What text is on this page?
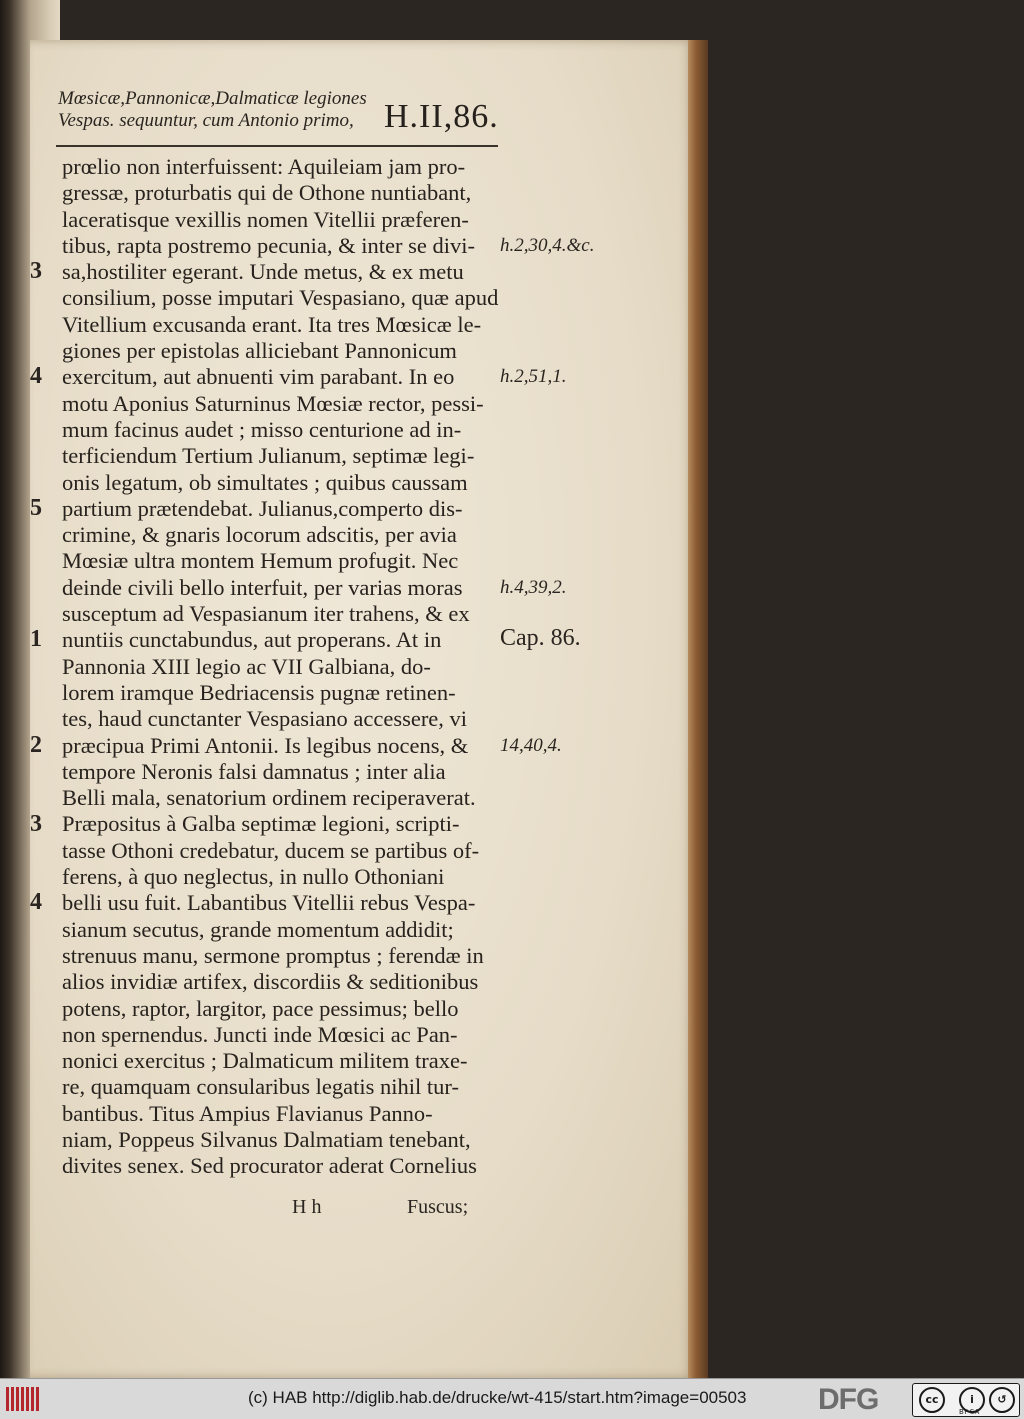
Mœsicæ,Pannonicæ,Dalmaticæ legiones
Vespas. sequuntur, cum Antonio primo, H.II,86.
prœlio non interfuissent: Aquileiam jam pro-
gressæ, proturbatis qui de Othone nuntiabant,
laceratisque vexillis nomen Vitellii præferen-
tibus, rapta postremo pecunia, & inter se divi-
sa,hostiliter egerant. Unde metus, & ex metu
consilium, posse imputari Vespasiano, quæ apud
Vitellium excusanda erant. Ita tres Mœsicæ le-
giones per epistolas alliciebant Pannonicum
exercitum, aut abnuenti vim parabant. In eo
motu Aponius Saturninus Mœsiæ rector, pessi-
mum facinus audet ; misso centurione ad in-
terficiendum Tertium Julianum, septimæ legi-
onis legatum, ob simultates ; quibus caussam
partium prætendebat. Julianus,comperto dis-
crimine, & gnaris locorum adscitis, per avia
Mœsiæ ultra montem Hemum profugit. Nec
deinde civili bello interfuit, per varias moras
susceptum ad Vespasianum iter trahens, & ex
nuntiis cunctabundus, aut properans. At in
Pannonia XIII legio ac VII Galbiana, do-
lorem iramque Bedriacensis pugnæ retinen-
tes, haud cunctanter Vespasiano accessere, vi
præcipua Primi Antonii. Is legibus nocens, &
tempore Neronis falsi damnatus ; inter alia
Belli mala, senatorium ordinem reciperaverat.
Præpositus à Galba septimæ legioni, scripti-
tasse Othoni credebatur, ducem se partibus of-
ferens, à quo neglectus, in nullo Othoniani
belli usu fuit. Labantibus Vitellii rebus Vespa-
sianum secutus, grande momentum addidit;
strenuus manu, sermone promptus ; ferendæ in
alios invidiæ artifex, discordiis & seditionibus
potens, raptor, largitor, pace pessimus; bello
non spernendus. Juncti inde Mœsici ac Pan-
nonici exercitus ; Dalmaticum militem traxe-
re, quamquam consularibus legatis nihil tur-
bantibus. Titus Ampius Flavianus Panno-
niam, Poppeus Silvanus Dalmatiam tenebant,
divites senex. Sed procurator aderat Cornelius
h.2,30,4.&c.
h.2,51,1.
h.4,39,2.
Cap. 86.
14,40,4.
3
4
5
1
2
3
4
H h	Fuscus;
(c) HAB http://diglib.hab.de/drucke/wt-415/start.htm?image=00503 DFG	cc	i	↺
BY SA
